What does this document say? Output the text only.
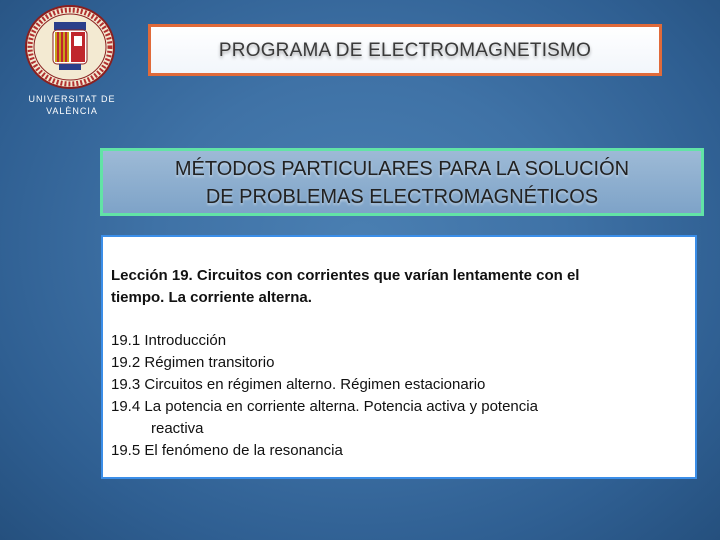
UNIVERSITAT DE
VALÈNCIA
PROGRAMA DE ELECTROMAGNETISMO
MÉTODOS PARTICULARES PARA LA SOLUCIÓN
DE PROBLEMAS ELECTROMAGNÉTICOS
Lección 19. Circuitos con corrientes que varían lentamente con el
tiempo. La corriente alterna.
19.1 Introducción
19.2 Régimen transitorio
19.3 Circuitos en régimen alterno. Régimen estacionario
19.4 La potencia en corriente alterna. Potencia activa y potencia
reactiva
19.5 El fenómeno de la resonancia
